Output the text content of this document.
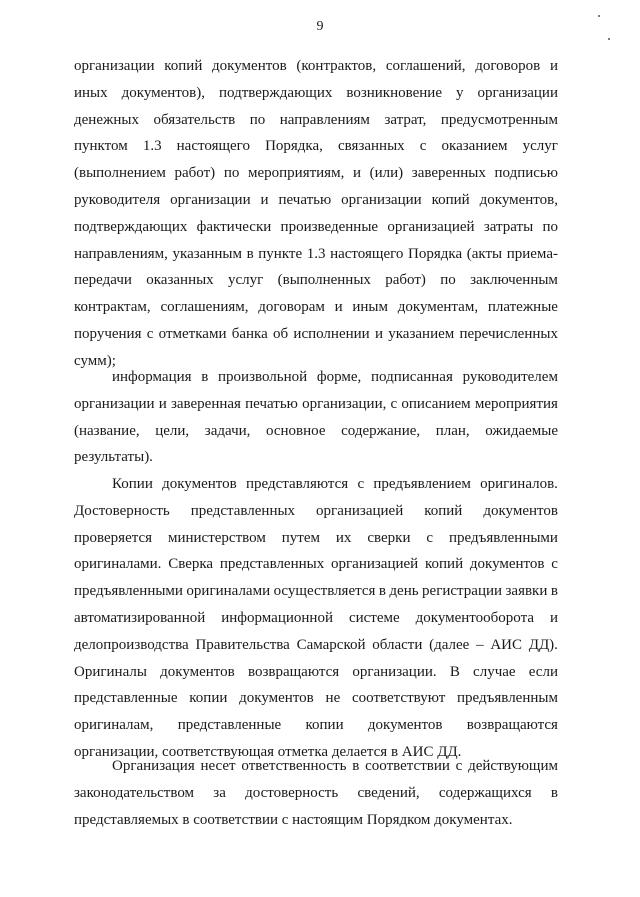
9
организации копий документов (контрактов, соглашений, договоров и
иных документов), подтверждающих возникновение у организации
денежных обязательств по направлениям затрат, предусмотренным
пунктом 1.3 настоящего Порядка, связанных с оказанием услуг
(выполнением работ) по мероприятиям, и (или) заверенных подписью
руководителя организации и печатью организации копий документов,
подтверждающих фактически произведенные организацией затраты по
направлениям, указанным в пункте 1.3 настоящего Порядка (акты приема-
передачи оказанных услуг (выполненных работ) по заключенным
контрактам, соглашениям, договорам и иным документам, платежные
поручения с отметками банка об исполнении и указанием перечисленных
сумм);
информация в произвольной форме, подписанная руководителем
организации и заверенная печатью организации, с описанием мероприятия
(название, цели, задачи, основное содержание, план, ожидаемые
результаты).
Копии документов представляются с предъявлением оригиналов.
Достоверность представленных организацией копий документов
проверяется министерством путем их сверки с предъявленными
оригиналами. Сверка представленных организацией копий документов с
предъявленными оригиналами осуществляется в день регистрации заявки в
автоматизированной информационной системе документооборота и
делопроизводства Правительства Самарской области (далее – АИС ДД).
Оригиналы документов возвращаются организации. В случае если
представленные копии документов не соответствуют предъявленным
оригиналам, представленные копии документов возвращаются
организации, соответствующая отметка делается в АИС ДД.
Организация несет ответственность в соответствии с действующим
законодательством за достоверность сведений, содержащихся в
представляемых в соответствии с настоящим Порядком документах.
